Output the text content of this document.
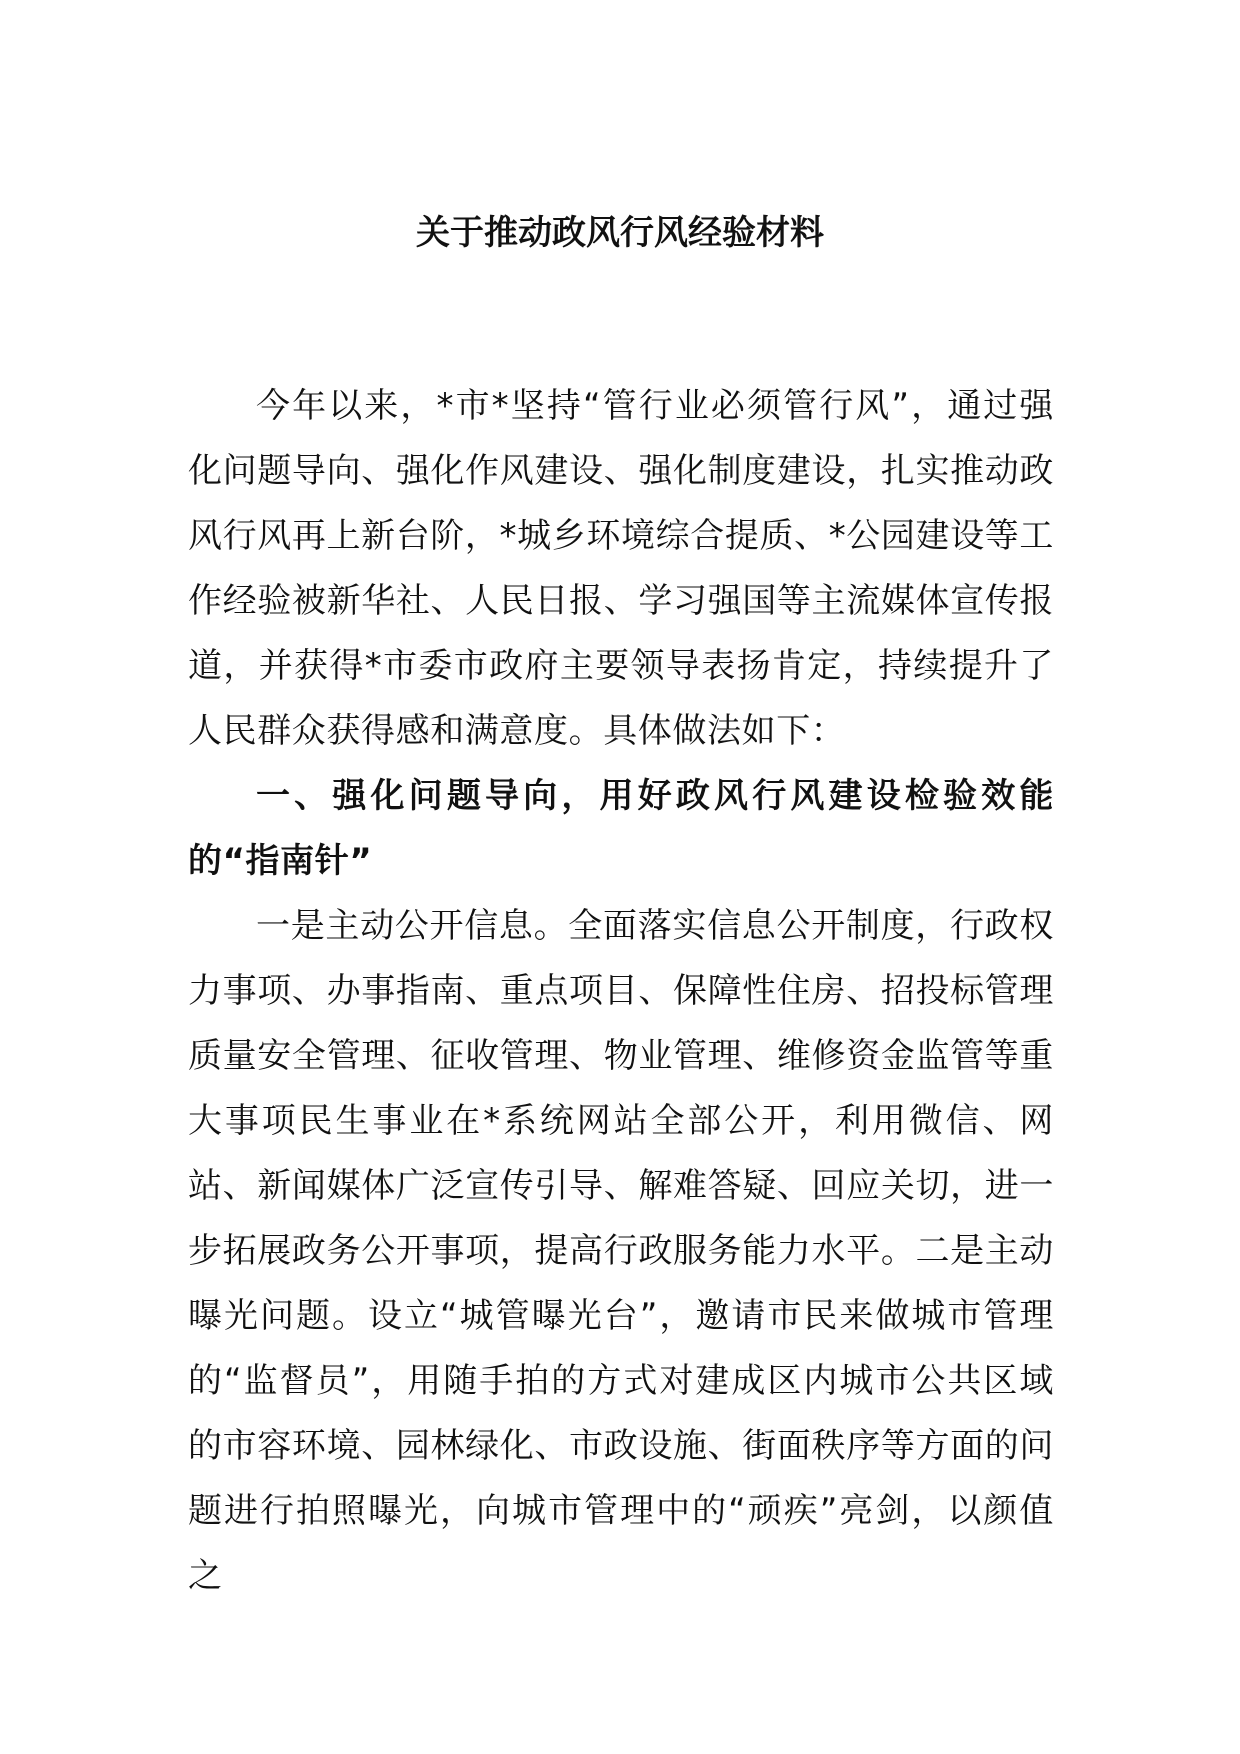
关于推动政风行风经验材料

今年以来，*市*坚持“管行业必须管行风”，通过强化问题导向、强化作风建设、强化制度建设，扎实推动政风行风再上新台阶，*城乡环境综合提质、*公园建设等工作经验被新华社、人民日报、学习强国等主流媒体宣传报道，并获得*市委市政府主要领导表扬肯定，持续提升了人民群众获得感和满意度。具体做法如下：

一、强化问题导向，用好政风行风建设检验效能的“指南针”

一是主动公开信息。全面落实信息公开制度，行政权力事项、办事指南、重点项目、保障性住房、招投标管理质量安全管理、征收管理、物业管理、维修资金监管等重大事项民生事业在*系统网站全部公开，利用微信、网站、新闻媒体广泛宣传引导、解难答疑、回应关切，进一步拓展政务公开事项，提高行政服务能力水平。二是主动曝光问题。设立“城管曝光台”，邀请市民来做城市管理的“监督员”，用随手拍的方式对建成区内城市公共区域的市容环境、园林绿化、市政设施、街面秩序等方面的问题进行拍照曝光，向城市管理中的“顽疾”亮剑，以颜值之
